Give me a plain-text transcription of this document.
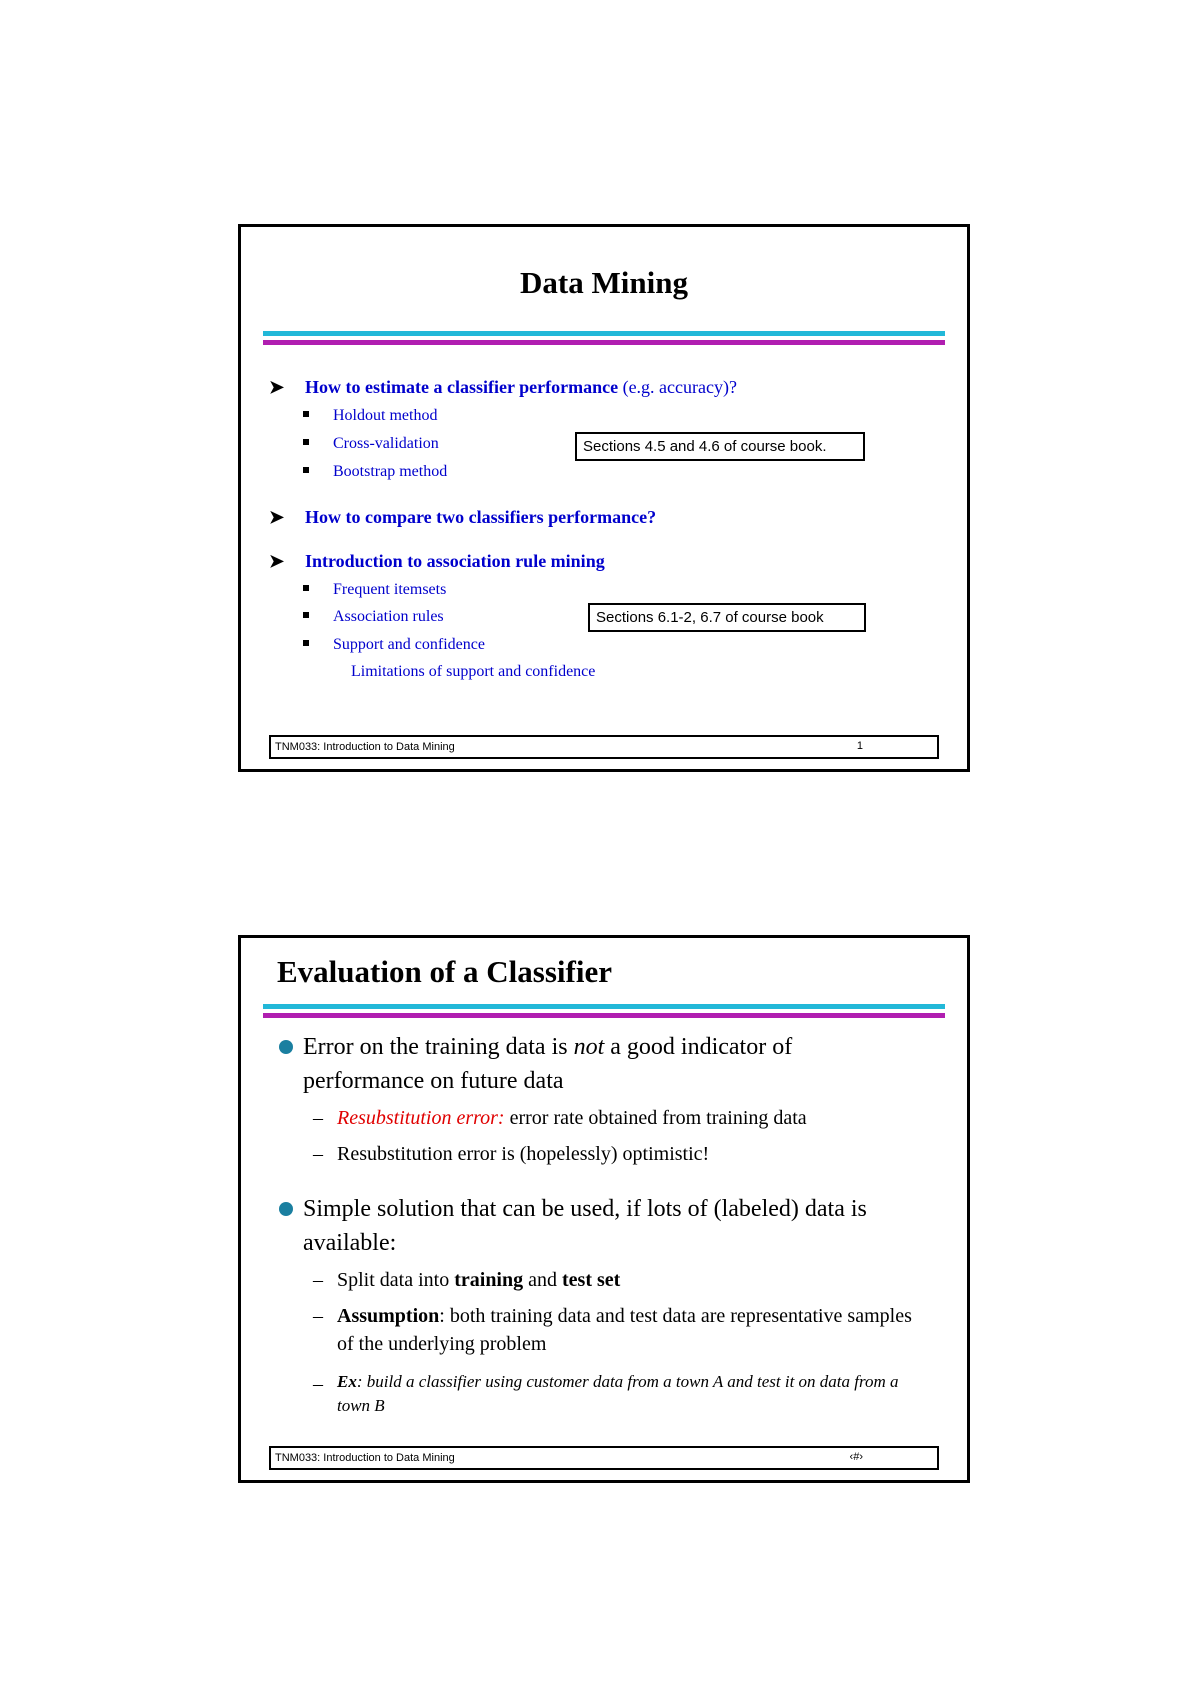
Data Mining
➤ How to estimate a classifier performance (e.g. accuracy)?
Holdout method
Cross-validation
Bootstrap method
Sections 4.5 and 4.6 of course book.
➤ How to compare two classifiers performance?
➤ Introduction to association rule mining
Frequent itemsets
Association rules
Support and confidence
Limitations of support and confidence
Sections 6.1-2, 6.7 of course book
TNM033: Introduction to Data Mining	1
Evaluation of a Classifier
Error on the training data is not a good indicator of performance on future data
– Resubstitution error: error rate obtained from training data
– Resubstitution error is (hopelessly) optimistic!
Simple solution that can be used, if lots of (labeled) data is available:
– Split data into training and test set
– Assumption: both training data and test data are representative samples of the underlying problem
– Ex: build a classifier using customer data from a town A and test it on data from a town B
TNM033: Introduction to Data Mining	‹#›
